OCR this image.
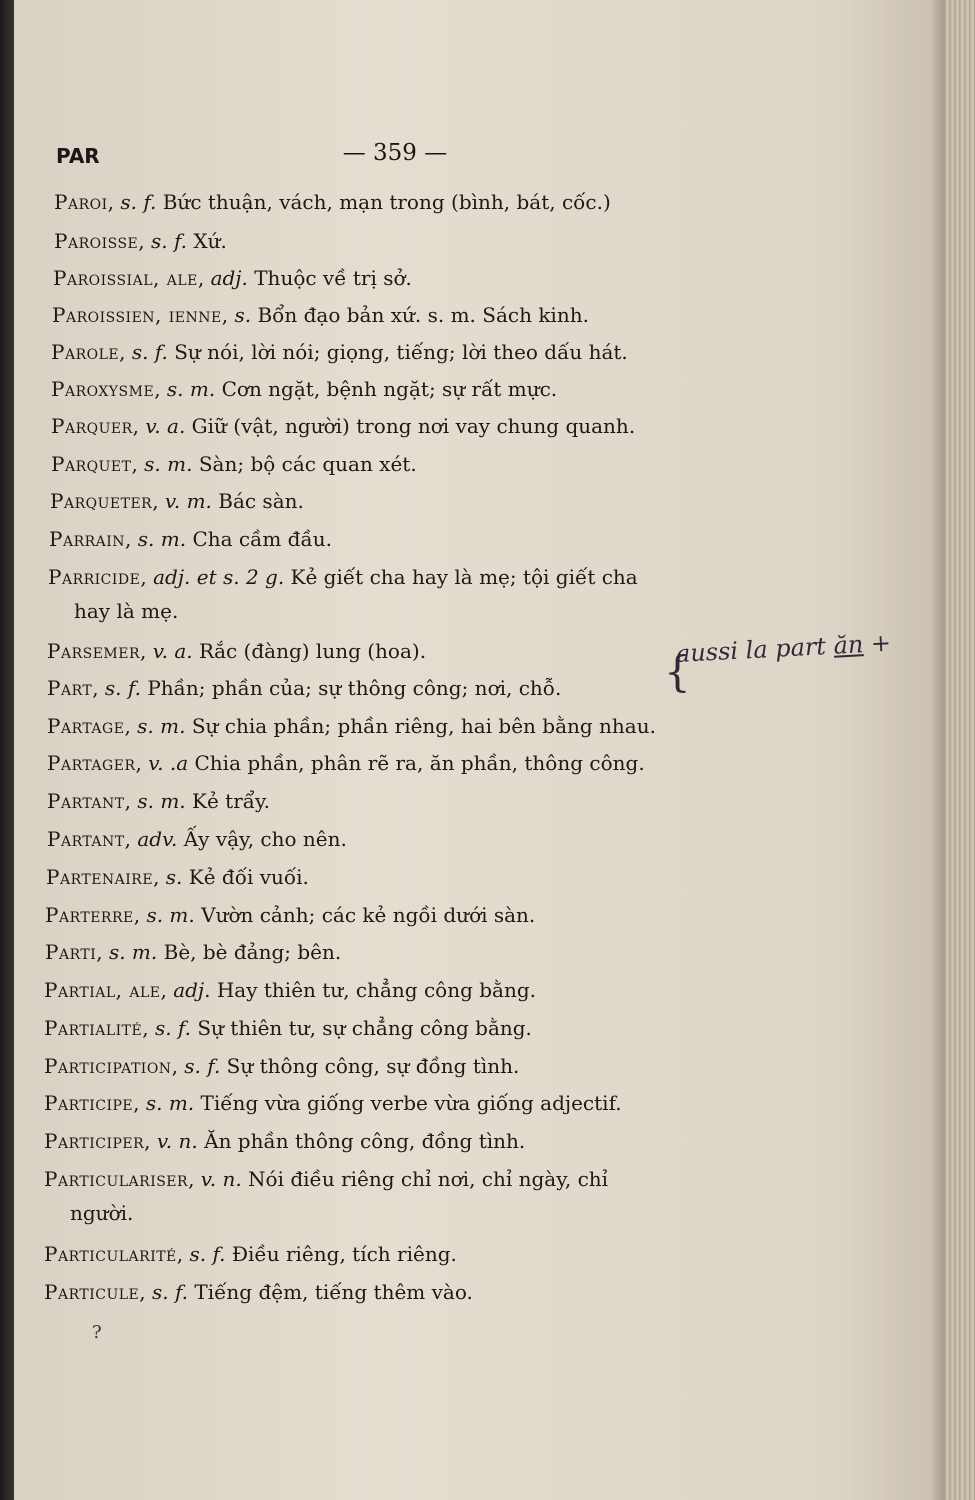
PAR	— 359 —
Paroi, s. f. Bức thuận, vách, mạn trong (bình, bát, cốc.)
Paroisse, s. f. Xứ.
Paroissial, ale, adj. Thuộc về trị sở.
Paroissien, ienne, s. Bổn đạo bản xứ. s. m. Sách kinh.
Parole, s. f. Sự nói, lời nói; giọng, tiếng; lời theo dấu hát.
Paroxysme, s. m. Cơn ngặt, bệnh ngặt; sự rất mực.
Parquer, v. a. Giữ (vật, người) trong nơi vay chung quanh.
Parquet, s. m. Sàn; bộ các quan xét.
Parqueter, v. m. Bác sàn.
Parrain, s. m. Cha cầm đầu.
Parricide, adj. et s. 2 g. Kẻ giết cha hay là mẹ; tội giết cha
hay là mẹ.
Parsemer, v. a. Rắc (đàng) lung (hoa).
Part, s. f. Phần; phần của; sự thông công; nơi, chỗ.
Partage, s. m. Sự chia phần; phần riêng, hai bên bằng nhau.
Partager, v. .a Chia phần, phân rẽ ra, ăn phần, thông công.
Partant, s. m. Kẻ trẩy.
Partant, adv. Ấy vậy, cho nên.
Partenaire, s. Kẻ đối vuối.
Parterre, s. m. Vườn cảnh; các kẻ ngồi dưới sàn.
Parti, s. m. Bè, bè đảng; bên.
Partial, ale, adj. Hay thiên tư, chẳng công bằng.
Partialité, s. f. Sự thiên tư, sự chẳng công bằng.
Participation, s. f. Sự thông công, sự đồng tình.
Participe, s. m. Tiếng vừa giống verbe vừa giống adjectif.
Participer, v. n. Ăn phần thông công, đồng tình.
Particulariser, v. n. Nói điều riêng chỉ nơi, chỉ ngày, chỉ
người.
Particularité, s. f. Điều riêng, tích riêng.
Particule, s. f. Tiếng đệm, tiếng thêm vào.
{
aussi la part ăn +
?
